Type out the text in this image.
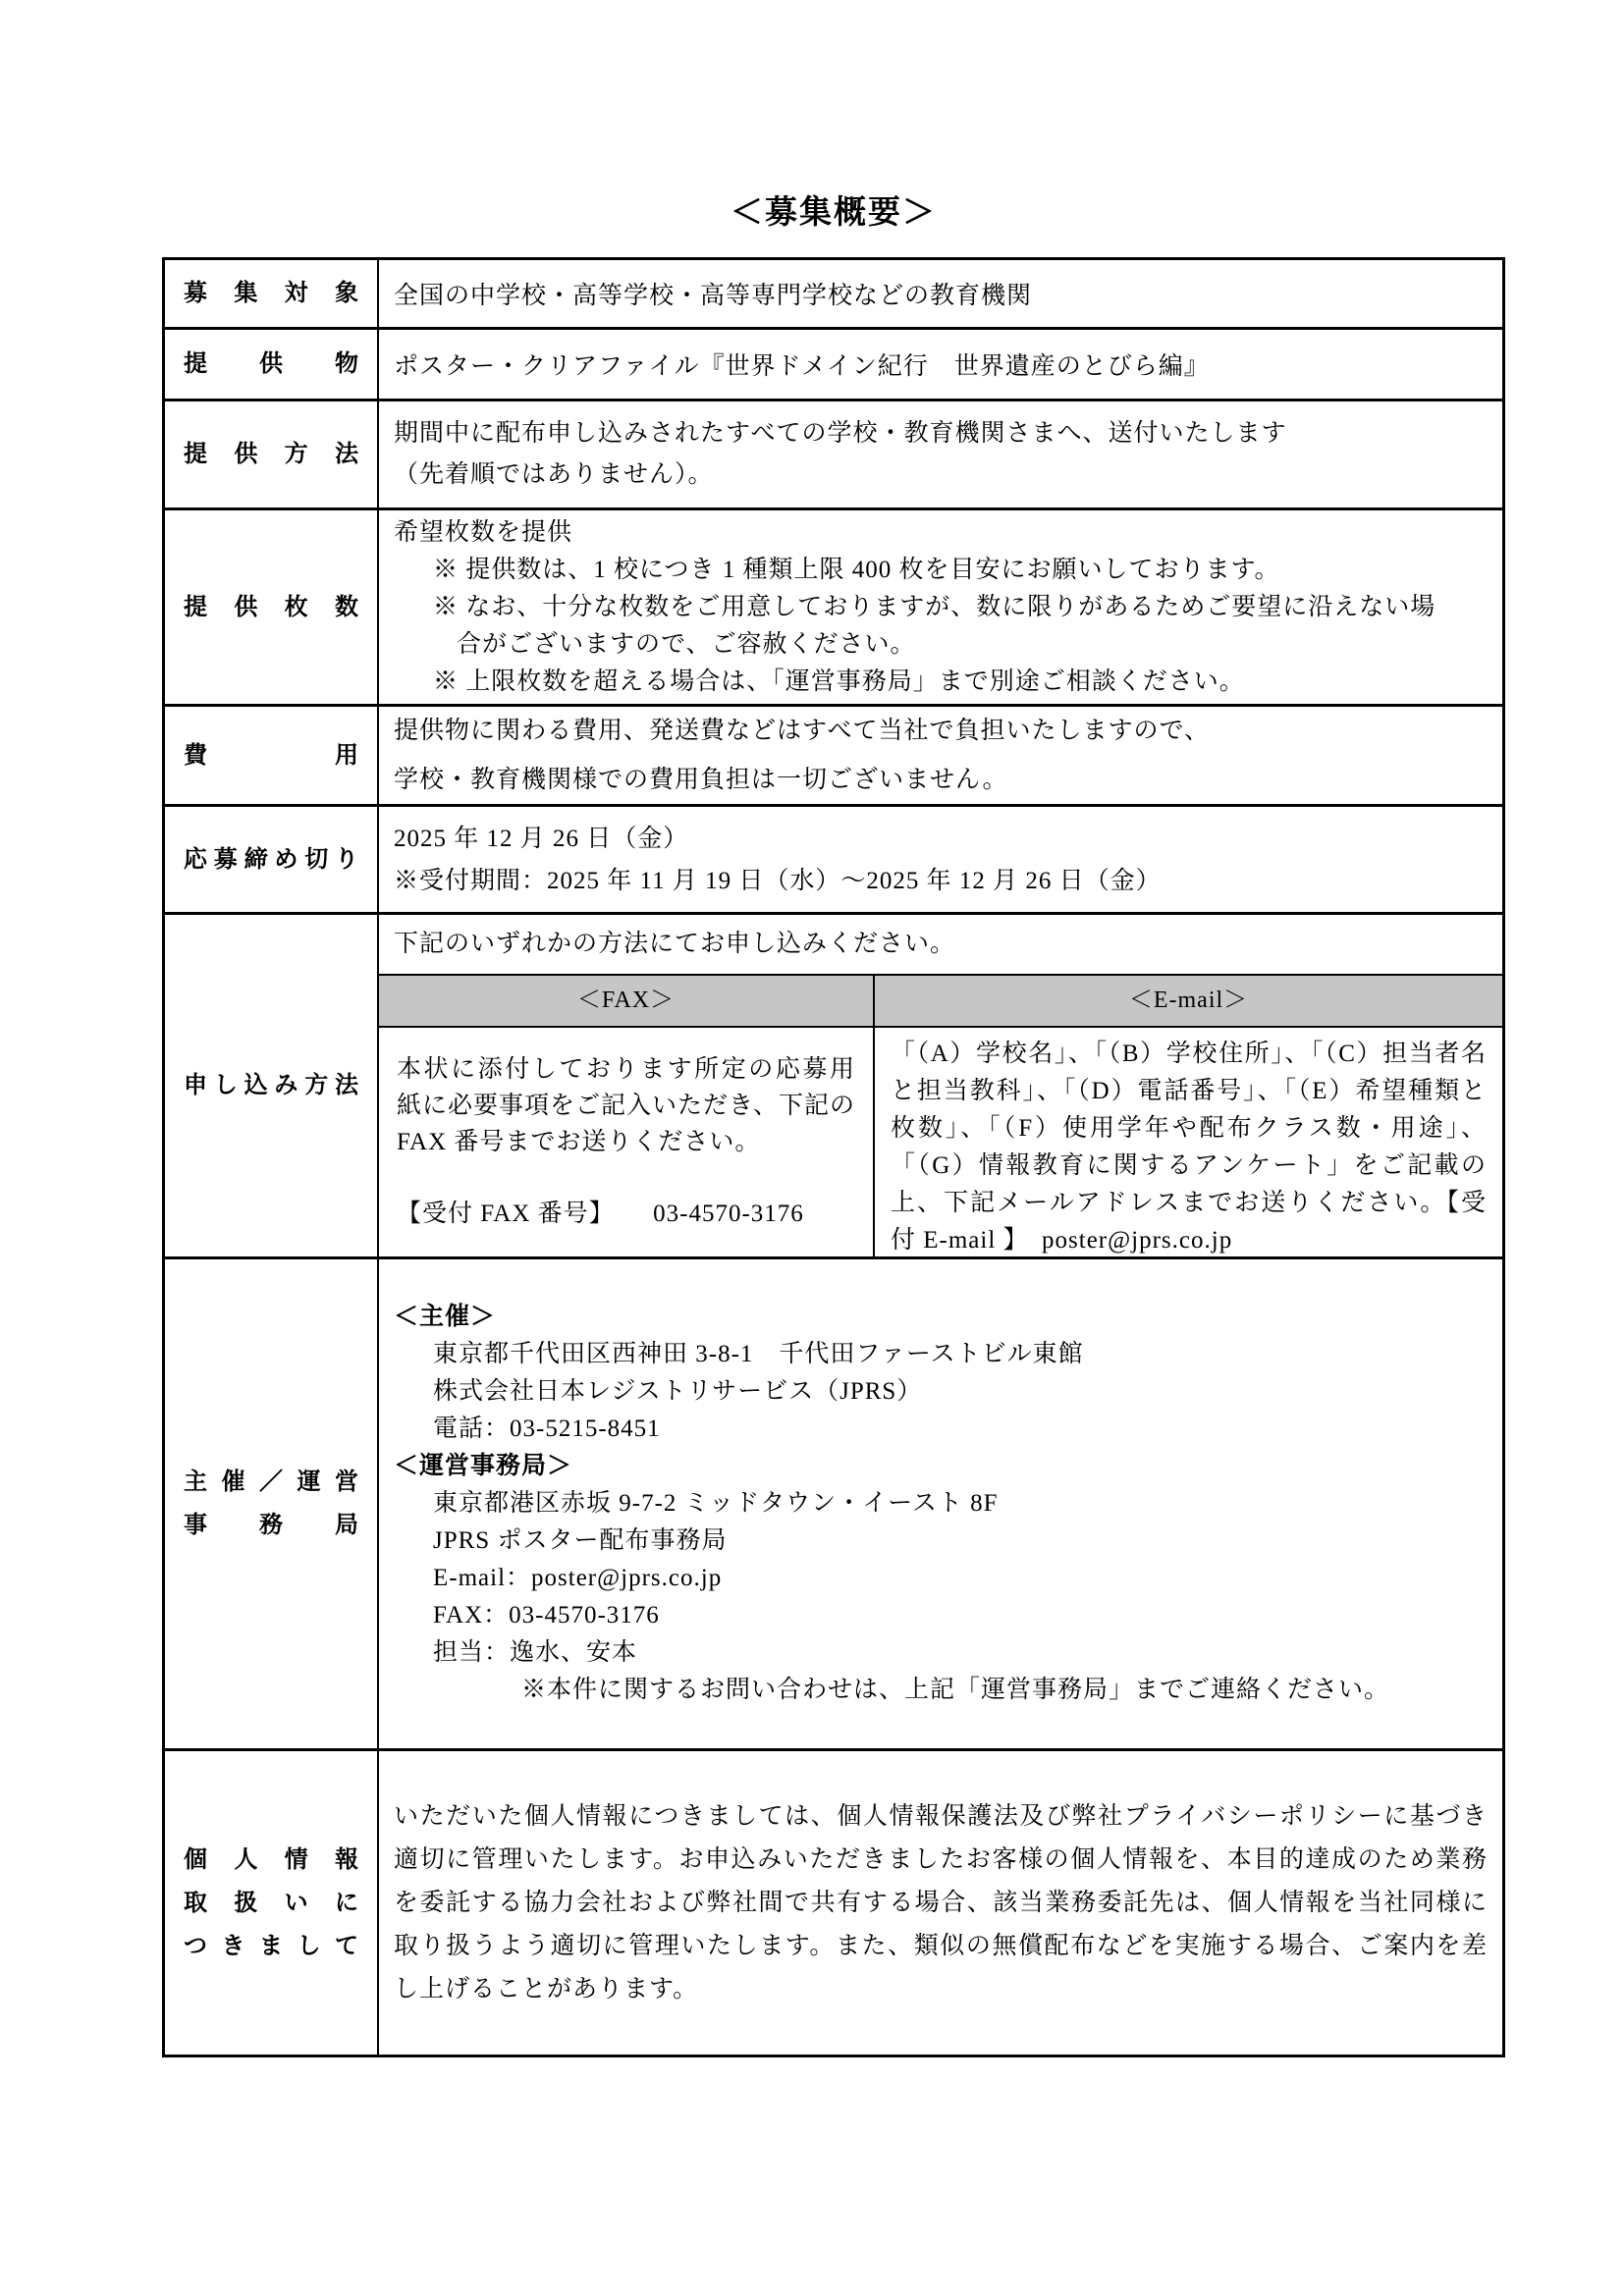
＜募集概要＞
募 集 対 象 全国の中学校・高等学校・高等専門学校などの教育機関
提 供 物 ポスター・クリアファイル『世界ドメイン紀行　世界遺産のとびら編』
提 供 方 法
期間中に配布申し込みされたすべての学校・教育機関さまへ、送付いたします
（先着順ではありません）。
提 供 枚 数
希望枚数を提供
※ 提供数は、1 校につき 1 種類上限 400 枚を目安にお願いしております。
※ なお、十分な枚数をご用意しておりますが、数に限りがあるためご要望に沿えない場
合がございますので、ご容赦ください。
※ 上限枚数を超える場合は、「運営事務局」まで別途ご相談ください。
費	用
提供物に関わる費用、発送費などはすべて当社で負担いたしますので、
学校・教育機関様での費用負担は一切ございません。
応 募 締 め 切 り
2025 年 12 月 26 日（金）
※受付期間：2025 年 11 月 19 日（水）～2025 年 12 月 26 日（金）
申 し 込 み 方 法
下記のいずれかの方法にてお申し込みください。
＜FAX＞	＜E-mail＞
本状に添付しております所定の応募用紙に必要事項をご記入いただき、下記の FAX 番号までお送りください。
【受付 FAX 番号】　　03-4570-3176
「（A）学校名」、「（B）学校住所」、「（C）担当者名と担当教科」、「（D）電話番号」、「（E）希望種類と枚数」、「（F）使用学年や配布クラス数・用途」、「（G）情報教育に関するアンケート」をご記載の上、下記メールアドレスまでお送りください。【受付 E-mail 】　poster@jprs.co.jp
主 催 ／ 運 営
事 務 局
＜主催＞
東京都千代田区西神田 3-8-1　千代田ファーストビル東館
株式会社日本レジストリサービス（JPRS）
電話：03-5215-8451
＜運営事務局＞
東京都港区赤坂 9-7-2 ミッドタウン・イースト 8F
JPRS ポスター配布事務局
E-mail：poster@jprs.co.jp
FAX：03-4570-3176
担当：逸水、安本
※本件に関するお問い合わせは、上記「運営事務局」までご連絡ください。
個 人 情 報
取 扱 い に
つ き ま し て
いただいた個人情報につきましては、個人情報保護法及び弊社プライバシーポリシーに基づき適切に管理いたします。お申込みいただきましたお客様の個人情報を、本目的達成のため業務を委託する協力会社および弊社間で共有する場合、該当業務委託先は、個人情報を当社同様に取り扱うよう適切に管理いたします。また、類似の無償配布などを実施する場合、ご案内を差し上げることがあります。
